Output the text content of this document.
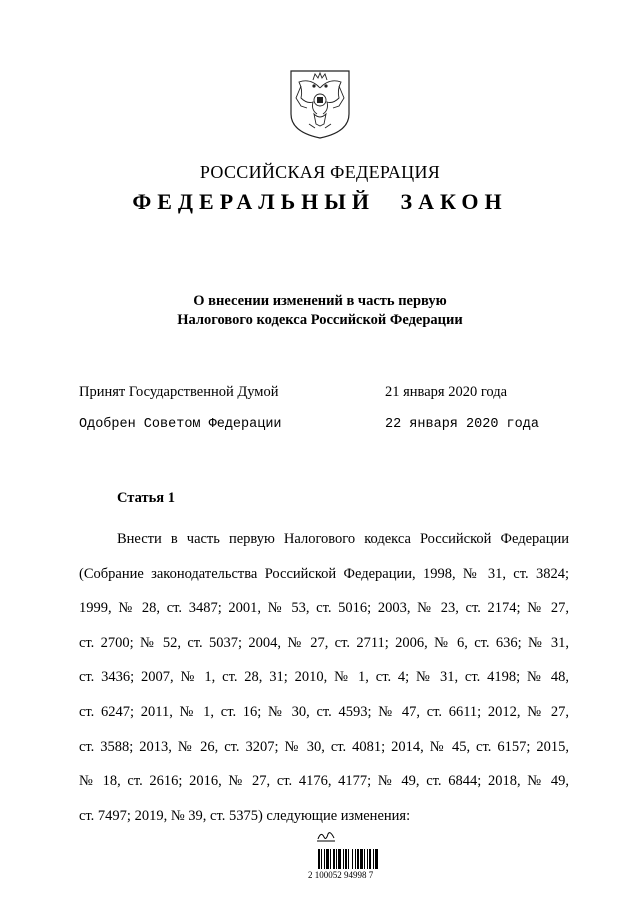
РОССИЙСКАЯ ФЕДЕРАЦИЯ
ФЕДЕРАЛЬНЫЙ ЗАКОН
О внесении изменений в часть первую
Налогового кодекса Российской Федерации
Принят Государственной Думой	21 января 2020 года
Одобрен Советом Федерации	22 января 2020 года
Статья 1
Внести в часть первую Налогового кодекса Российской Федерации
(Собрание законодательства Российской Федерации, 1998, № 31, ст. 3824;
1999, № 28, ст. 3487; 2001, № 53, ст. 5016; 2003, № 23, ст. 2174; № 27,
ст. 2700; № 52, ст. 5037; 2004, № 27, ст. 2711; 2006, № 6, ст. 636; № 31,
ст. 3436; 2007, № 1, ст. 28, 31; 2010, № 1, ст. 4; № 31, ст. 4198; № 48,
ст. 6247; 2011, № 1, ст. 16; № 30, ст. 4593; № 47, ст. 6611; 2012, № 27,
ст. 3588; 2013, № 26, ст. 3207; № 30, ст. 4081; 2014, № 45, ст. 6157; 2015,
№ 18, ст. 2616; 2016, № 27, ст. 4176, 4177; № 49, ст. 6844; 2018, № 49,
ст. 7497; 2019, № 39, ст. 5375) следующие изменения:
2 100052 94998 7
